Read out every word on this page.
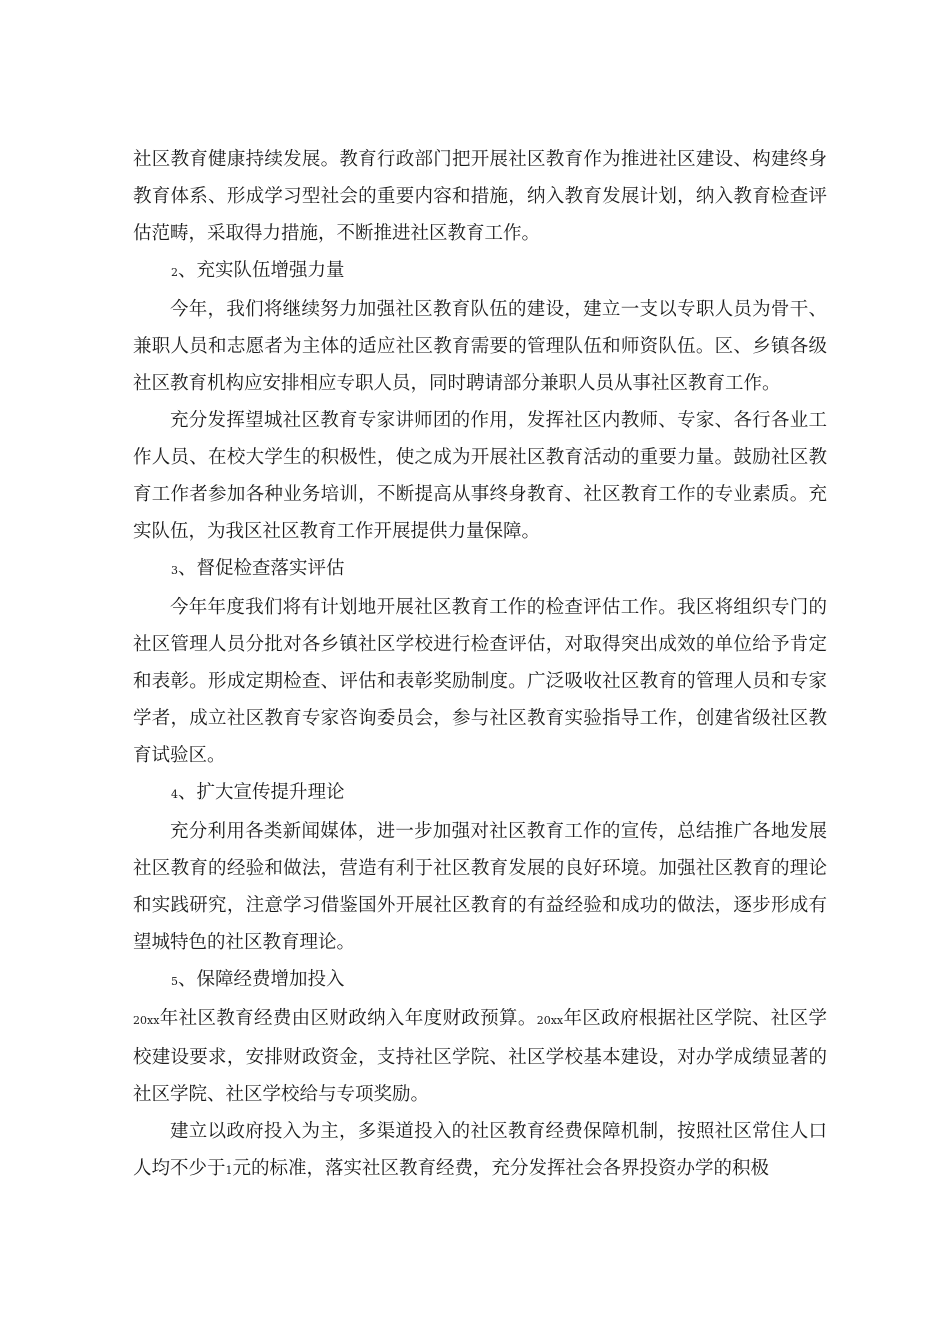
社区教育健康持续发展。教育行政部门把开展社区教育作为推进社区建设、构建终身教育体系、形成学习型社会的重要内容和措施，纳入教育发展计划，纳入教育检查评估范畴，采取得力措施，不断推进社区教育工作。

2、充实队伍增强力量

今年，我们将继续努力加强社区教育队伍的建设，建立一支以专职人员为骨干、兼职人员和志愿者为主体的适应社区教育需要的管理队伍和师资队伍。区、乡镇各级社区教育机构应安排相应专职人员，同时聘请部分兼职人员从事社区教育工作。

充分发挥望城社区教育专家讲师团的作用，发挥社区内教师、专家、各行各业工作人员、在校大学生的积极性，使之成为开展社区教育活动的重要力量。鼓励社区教育工作者参加各种业务培训，不断提高从事终身教育、社区教育工作的专业素质。充实队伍，为我区社区教育工作开展提供力量保障。

3、督促检查落实评估

今年年度我们将有计划地开展社区教育工作的检查评估工作。我区将组织专门的社区管理人员分批对各乡镇社区学校进行检查评估，对取得突出成效的单位给予肯定和表彰。形成定期检查、评估和表彰奖励制度。广泛吸收社区教育的管理人员和专家学者，成立社区教育专家咨询委员会，参与社区教育实验指导工作，创建省级社区教育试验区。

4、扩大宣传提升理论

充分利用各类新闻媒体，进一步加强对社区教育工作的宣传，总结推广各地发展社区教育的经验和做法，营造有利于社区教育发展的良好环境。加强社区教育的理论和实践研究，注意学习借鉴国外开展社区教育的有益经验和成功的做法，逐步形成有望城特色的社区教育理论。

5、保障经费增加投入

20xx年社区教育经费由区财政纳入年度财政预算。20xx年区政府根据社区学院、社区学校建设要求，安排财政资金，支持社区学院、社区学校基本建设，对办学成绩显著的社区学院、社区学校给与专项奖励。

建立以政府投入为主，多渠道投入的社区教育经费保障机制，按照社区常住人口人均不少于1元的标准，落实社区教育经费，充分发挥社会各界投资办学的积极
